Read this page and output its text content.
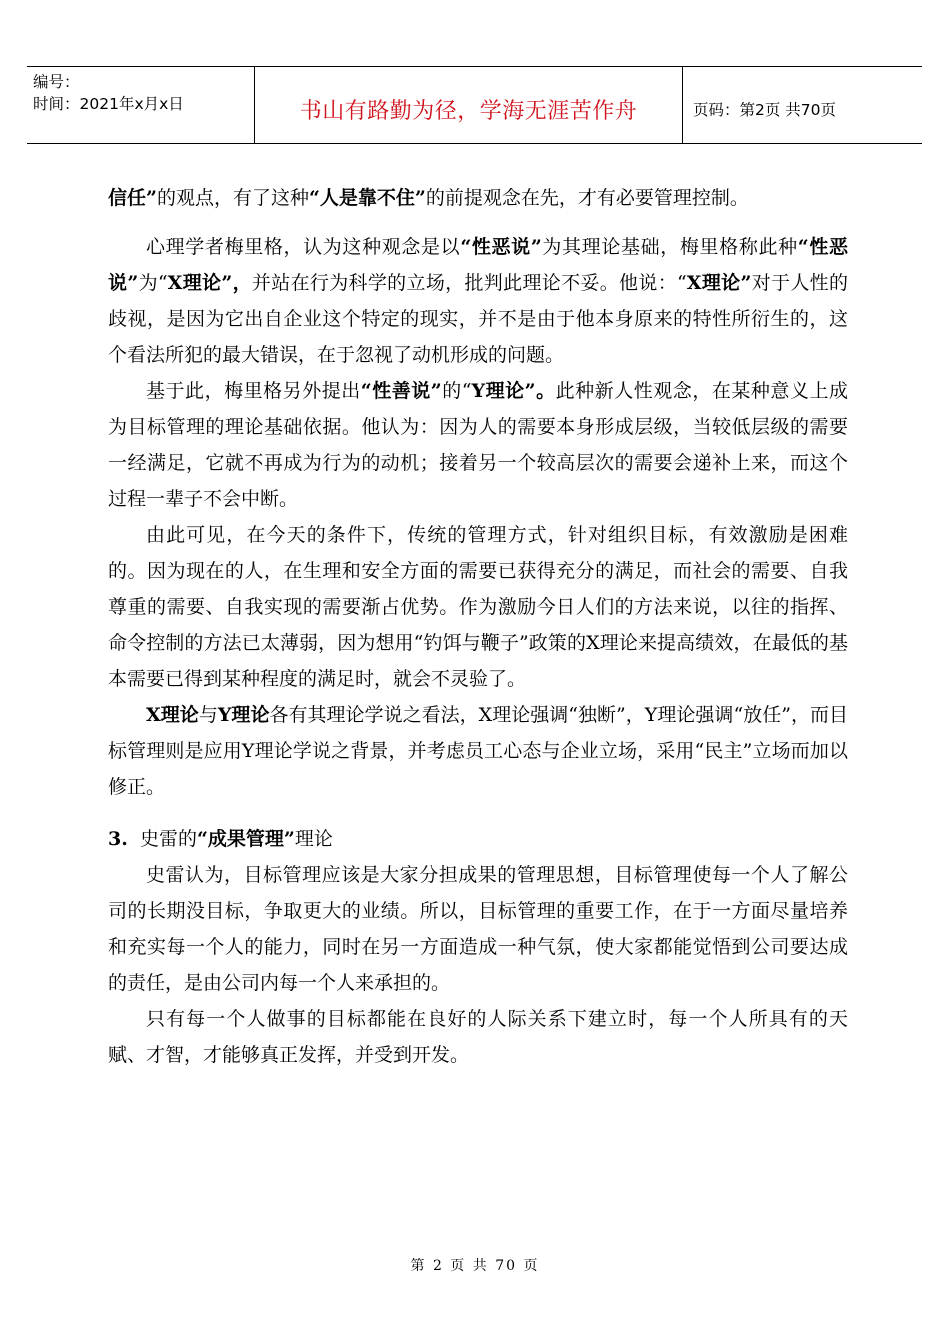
编号：
时间：2021年x月x日	书山有路勤为径，学海无涯苦作舟	页码：第2页 共70页

信任”的观点，有了这种“人是靠不住”的前提观念在先，才有必要管理控制。

心理学者梅里格，认为这种观念是以“性恶说”为其理论基础，梅里格称此种“性恶说”为“X理论”，并站在行为科学的立场，批判此理论不妥。他说：“X理论”对于人性的歧视，是因为它出自企业这个特定的现实，并不是由于他本身原来的特性所衍生的，这个看法所犯的最大错误，在于忽视了动机形成的问题。

基于此，梅里格另外提出“性善说”的“Y理论”。此种新人性观念，在某种意义上成为目标管理的理论基础依据。他认为：因为人的需要本身形成层级，当较低层级的需要一经满足，它就不再成为行为的动机；接着另一个较高层次的需要会递补上来，而这个过程一辈子不会中断。

由此可见，在今天的条件下，传统的管理方式，针对组织目标，有效激励是困难的。因为现在的人，在生理和安全方面的需要已获得充分的满足，而社会的需要、自我尊重的需要、自我实现的需要渐占优势。作为激励今日人们的方法来说，以往的指挥、命令控制的方法已太薄弱，因为想用“钓饵与鞭子”政策的X理论来提高绩效，在最低的基本需要已得到某种程度的满足时，就会不灵验了。

X理论与Y理论各有其理论学说之看法，X理论强调“独断”，Y理论强调“放任”，而目标管理则是应用Y理论学说之背景，并考虑员工心态与企业立场，采用“民主”立场而加以修正。

3. 史雷的“成果管理”理论

史雷认为，目标管理应该是大家分担成果的管理思想，目标管理使每一个人了解公司的长期没目标，争取更大的业绩。所以，目标管理的重要工作，在于一方面尽量培养和充实每一个人的能力，同时在另一方面造成一种气氛，使大家都能觉悟到公司要达成的责任，是由公司内每一个人来承担的。

只有每一个人做事的目标都能在良好的人际关系下建立时，每一个人所具有的天赋、才智，才能够真正发挥，并受到开发。

第 2 页 共 70 页
